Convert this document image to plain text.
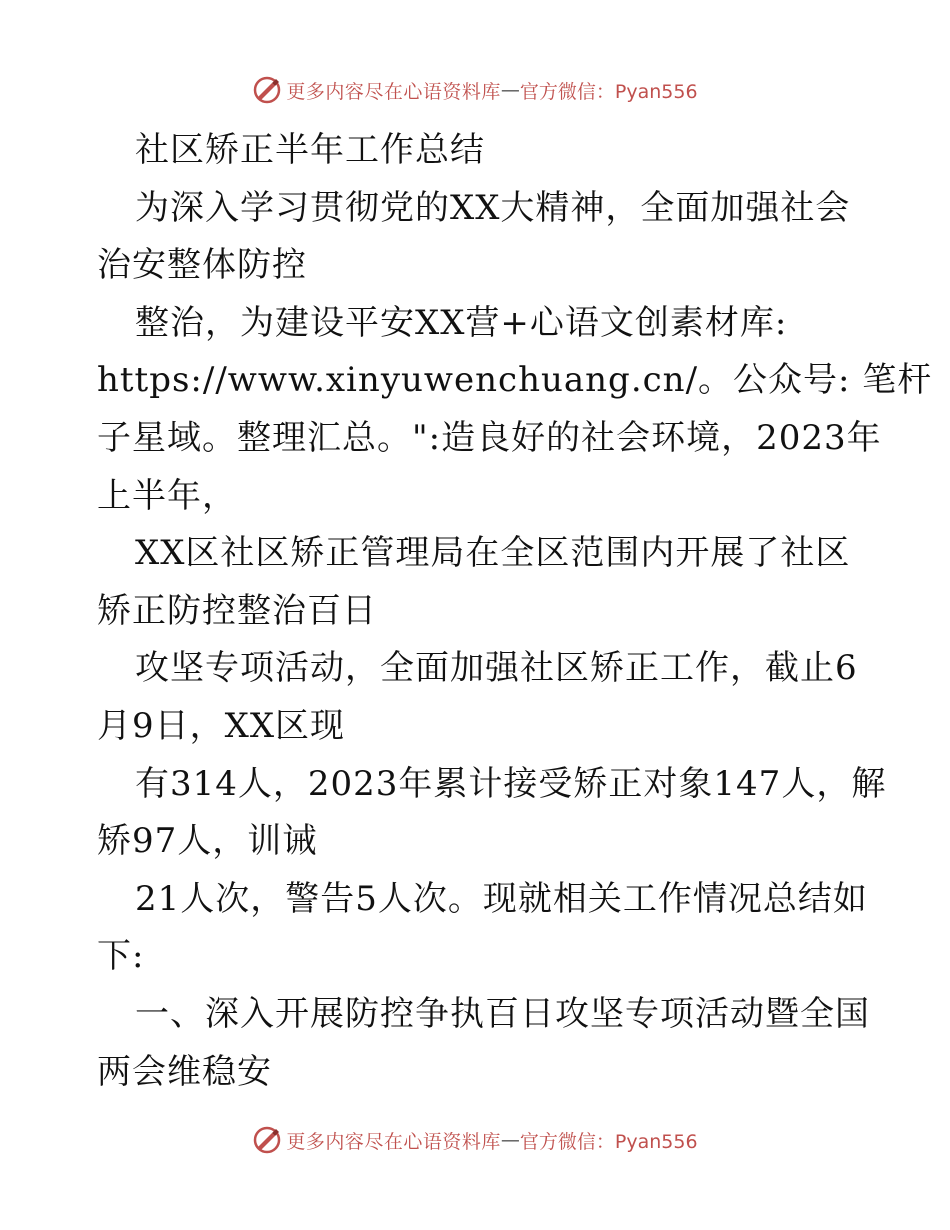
更多内容尽在心语资料库 — 官方微信：Pyan556
社区矫正半年工作总结
为深入学习贯彻党的XX大精神，全面加强社会
治安整体防控
整治，为建设平安XX营+心语文创素材库:
https://www.xinyuwenchuang.cn/。公众号: 笔杆
子星域。整理汇总。":造良好的社会环境，2023年
上半年，
XX区社区矫正管理局在全区范围内开展了社区
矫正防控整治百日
攻坚专项活动，全面加强社区矫正工作，截止6
月9日，XX区现
有314人，2023年累计接受矫正对象147人，解
矫97人，训诫
21人次，警告5人次。现就相关工作情况总结如
下:
一、深入开展防控争执百日攻坚专项活动暨全国
两会维稳安
更多内容尽在心语资料库 — 官方微信：Pyan556
